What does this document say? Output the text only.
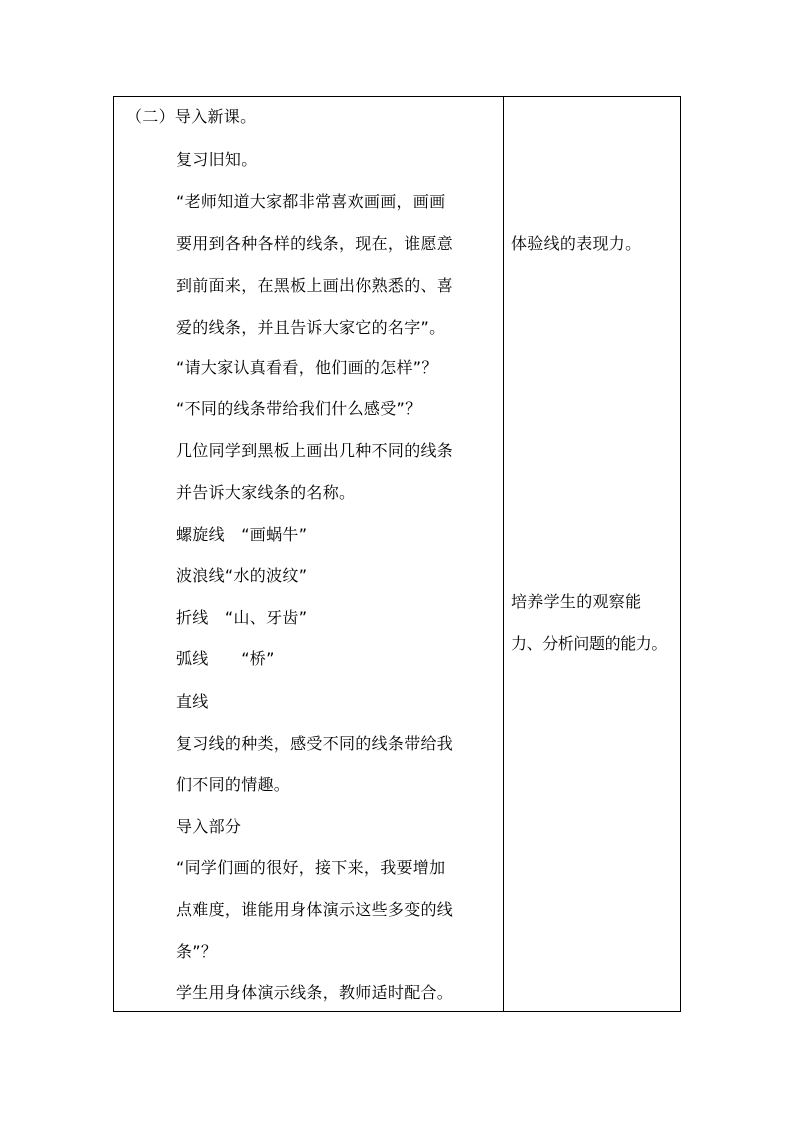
（二）导入新课。
复习旧知。
“老师知道大家都非常喜欢画画，画画
要用到各种各样的线条，现在，谁愿意
到前面来，在黑板上画出你熟悉的、喜
爱的线条，并且告诉大家它的名字”。
“请大家认真看看，他们画的怎样”？
“不同的线条带给我们什么感受”？
几位同学到黑板上画出几种不同的线条
并告诉大家线条的名称。
螺旋线　“画蜗牛”
波浪线“水的波纹”
折线　“山、牙齿”
弧线　　“桥”
直线
复习线的种类，感受不同的线条带给我
们不同的情趣。
导入部分
“同学们画的很好，接下来，我要增加
点难度，谁能用身体演示这些多变的线
条”？
学生用身体演示线条，教师适时配合。
体验线的表现力。
培养学生的观察能
力、分析问题的能力。
